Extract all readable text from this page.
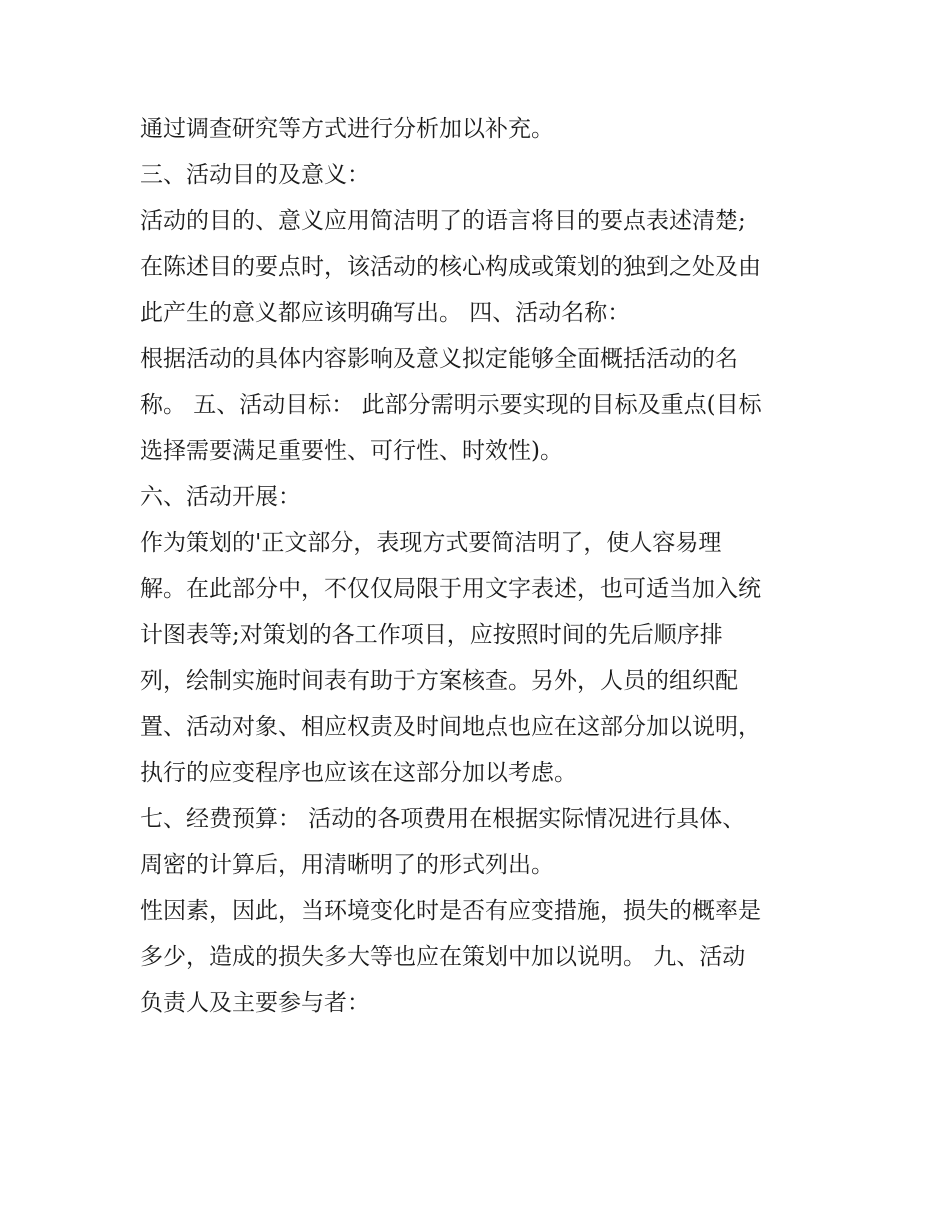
通过调查研究等方式进行分析加以补充。
三、活动目的及意义：
活动的目的、意义应用简洁明了的语言将目的要点表述清楚;
在陈述目的要点时，该活动的核心构成或策划的独到之处及由
此产生的意义都应该明确写出。 四、活动名称：
根据活动的具体内容影响及意义拟定能够全面概括活动的名
称。 五、活动目标： 此部分需明示要实现的目标及重点(目标
选择需要满足重要性、可行性、时效性)。
六、活动开展：
作为策划的'正文部分，表现方式要简洁明了，使人容易理
解。在此部分中，不仅仅局限于用文字表述，也可适当加入统
计图表等;对策划的各工作项目，应按照时间的先后顺序排
列，绘制实施时间表有助于方案核查。另外，人员的组织配
置、活动对象、相应权责及时间地点也应在这部分加以说明，
执行的应变程序也应该在这部分加以考虑。
七、经费预算： 活动的各项费用在根据实际情况进行具体、
周密的计算后，用清晰明了的形式列出。
性因素，因此，当环境变化时是否有应变措施，损失的概率是
多少，造成的损失多大等也应在策划中加以说明。 九、活动
负责人及主要参与者：
